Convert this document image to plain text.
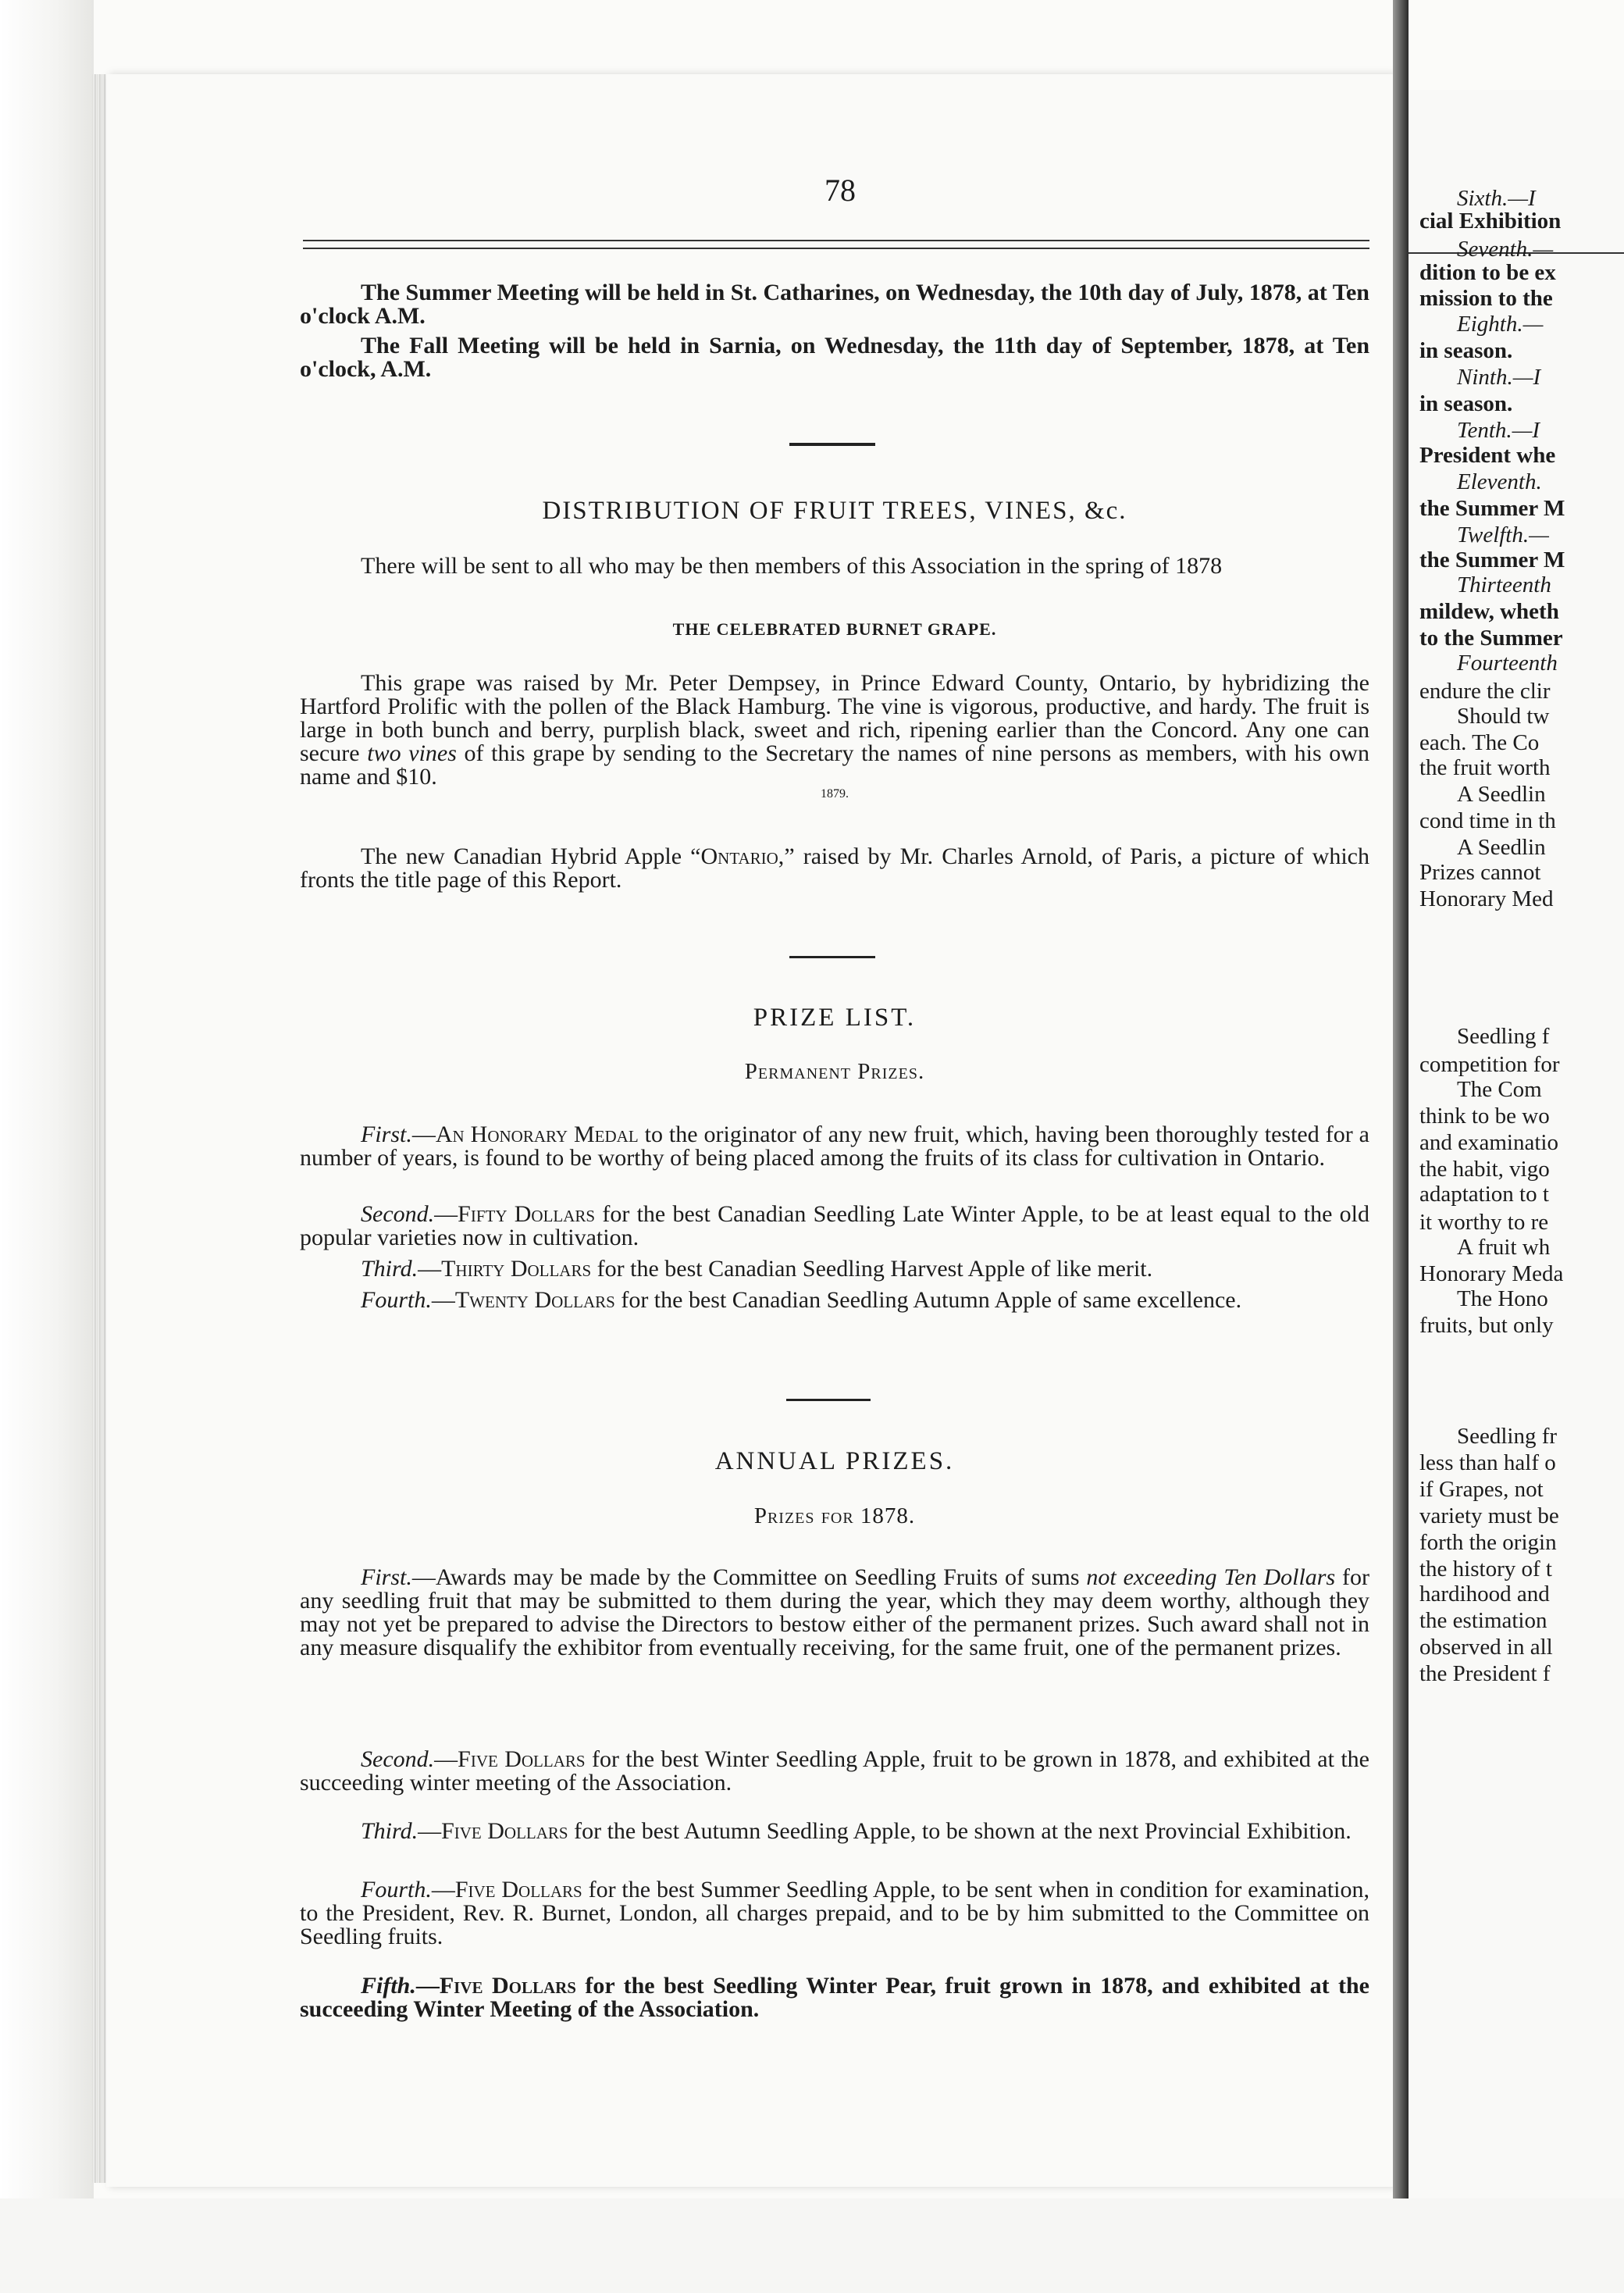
Sixth.—I
cial Exhibition
Seventh.—
dition to be ex
mission to the
Eighth.—
in season.
Ninth.—I
in season.
Tenth.—I
President whe
Eleventh.
the Summer M
Twelfth.—
the Summer M
Thirteenth
mildew, wheth
to the Summer
Fourteenth
endure the clir
Should tw
each. The Co
the fruit worth
A Seedlin
cond time in th
A Seedlin
Prizes cannot
Honorary Med
Seedling f
competition for
The Com
think to be wo
and examinatio
the habit, vigo
adaptation to t
it worthy to re
A fruit wh
Honorary Meda
The Hono
fruits, but only
Seedling fr
less than half o
if Grapes, not
variety must be
forth the origin
the history of t
hardihood and
the estimation
observed in all
the President f
78
The Summer Meeting will be held in St. Catharines, on Wednesday, the 10th day of July, 1878, at Ten o'clock A.M.
The Fall Meeting will be held in Sarnia, on Wednesday, the 11th day of September, 1878, at Ten o'clock, A.M.
DISTRIBUTION OF FRUIT TREES, VINES, &c.
There will be sent to all who may be then members of this Association in the spring of 1878
THE CELEBRATED BURNET GRAPE.
This grape was raised by Mr. Peter Dempsey, in Prince Edward County, Ontario, by hybridizing the Hartford Prolific with the pollen of the Black Hamburg. The vine is vigorous, productive, and hardy. The fruit is large in both bunch and berry, purplish black, sweet and rich, ripening earlier than the Concord. Any one can secure two vines of this grape by sending to the Secretary the names of nine persons as members, with his own name and $10.
1879.
The new Canadian Hybrid Apple “Ontario,” raised by Mr. Charles Arnold, of Paris, a picture of which fronts the title page of this Report.
PRIZE LIST.
Permanent Prizes.
First.—An Honorary Medal to the originator of any new fruit, which, having been thoroughly tested for a number of years, is found to be worthy of being placed among the fruits of its class for cultivation in Ontario.
Second.—Fifty Dollars for the best Canadian Seedling Late Winter Apple, to be at least equal to the old popular varieties now in cultivation.
Third.—Thirty Dollars for the best Canadian Seedling Harvest Apple of like merit.
Fourth.—Twenty Dollars for the best Canadian Seedling Autumn Apple of same excellence.
ANNUAL PRIZES.
Prizes for 1878.
First.—Awards may be made by the Committee on Seedling Fruits of sums not exceeding Ten Dollars for any seedling fruit that may be submitted to them during the year, which they may deem worthy, although they may not yet be prepared to advise the Directors to bestow either of the permanent prizes. Such award shall not in any measure disqualify the exhibitor from eventually receiving, for the same fruit, one of the permanent prizes.
Second.—Five Dollars for the best Winter Seedling Apple, fruit to be grown in 1878, and exhibited at the succeeding winter meeting of the Association.
Third.—Five Dollars for the best Autumn Seedling Apple, to be shown at the next Provincial Exhibition.
Fourth.—Five Dollars for the best Summer Seedling Apple, to be sent when in condition for examination, to the President, Rev. R. Burnet, London, all charges prepaid, and to be by him submitted to the Committee on Seedling fruits.
Fifth.—Five Dollars for the best Seedling Winter Pear, fruit grown in 1878, and exhibited at the succeeding Winter Meeting of the Association.
